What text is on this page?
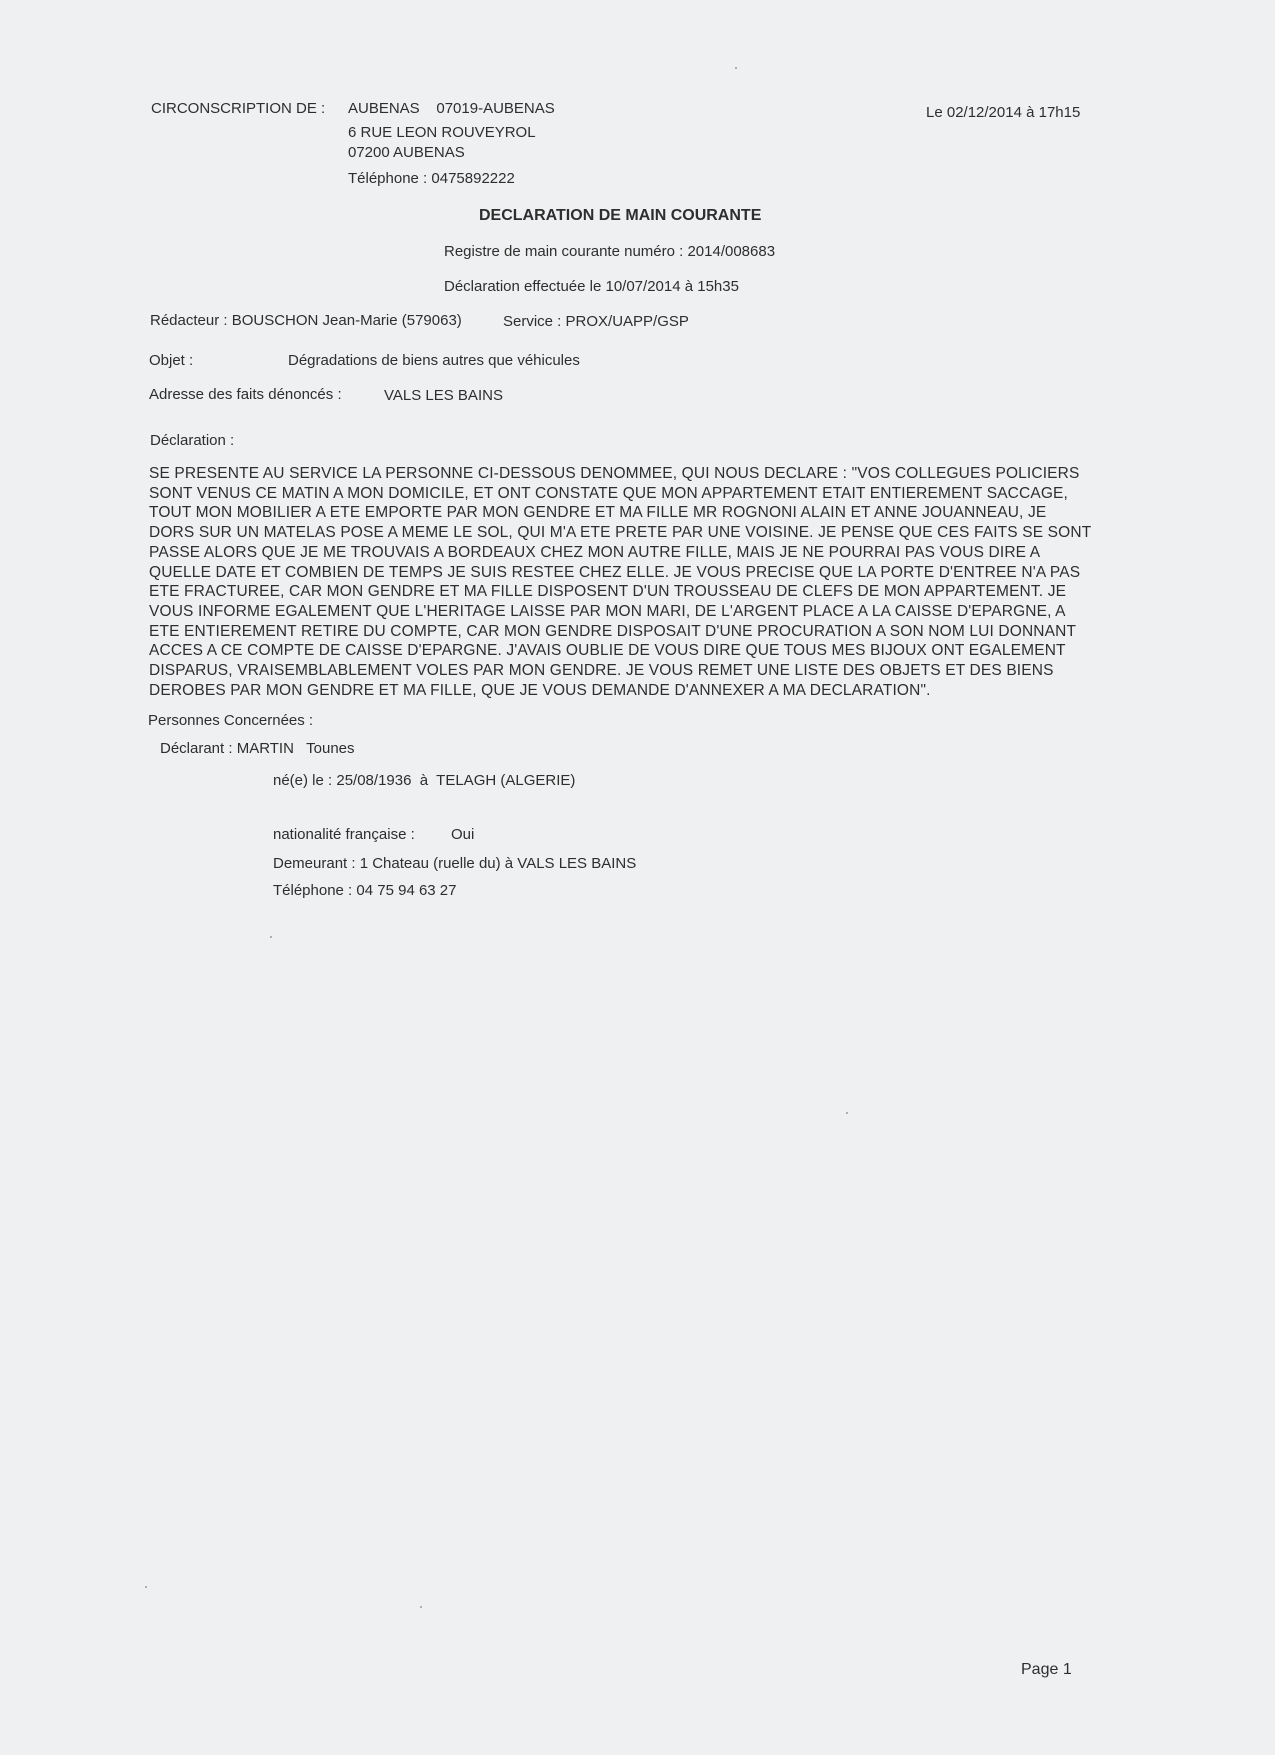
CIRCONSCRIPTION DE : AUBENAS    07019-AUBENAS
6 RUE LEON ROUVEYROL
07200 AUBENAS
Téléphone : 0475892222
Le 02/12/2014 à 17h15
DECLARATION DE MAIN COURANTE
Registre de main courante numéro : 2014/008683
Déclaration effectuée le 10/07/2014 à 15h35
Rédacteur : BOUSCHON Jean-Marie (579063)	Service : PROX/UAPP/GSP
Objet :	Dégradations de biens autres que véhicules
Adresse des faits dénoncés :	VALS LES BAINS
Déclaration :
SE PRESENTE AU SERVICE LA PERSONNE CI-DESSOUS DENOMMEE, QUI NOUS DECLARE : "VOS COLLEGUES POLICIERS
SONT VENUS CE MATIN A MON DOMICILE, ET ONT CONSTATE QUE MON APPARTEMENT ETAIT ENTIEREMENT SACCAGE,
TOUT MON MOBILIER A ETE EMPORTE PAR MON GENDRE ET MA FILLE MR ROGNONI ALAIN ET ANNE JOUANNEAU, JE
DORS SUR UN MATELAS POSE A MEME LE SOL, QUI M'A ETE PRETE PAR UNE VOISINE. JE PENSE QUE CES FAITS SE SONT
PASSE ALORS QUE JE ME TROUVAIS A BORDEAUX CHEZ MON AUTRE FILLE, MAIS JE NE POURRAI PAS VOUS DIRE A
QUELLE DATE ET COMBIEN DE TEMPS JE SUIS RESTEE CHEZ ELLE. JE VOUS PRECISE QUE LA PORTE D'ENTREE N'A PAS
ETE FRACTUREE, CAR MON GENDRE ET MA FILLE DISPOSENT D'UN TROUSSEAU DE CLEFS DE MON APPARTEMENT. JE
VOUS INFORME EGALEMENT QUE L'HERITAGE LAISSE PAR MON MARI, DE L'ARGENT PLACE A LA CAISSE D'EPARGNE, A
ETE ENTIEREMENT RETIRE DU COMPTE, CAR MON GENDRE DISPOSAIT D'UNE PROCURATION A SON NOM LUI DONNANT
ACCES A CE COMPTE DE CAISSE D'EPARGNE. J'AVAIS OUBLIE DE VOUS DIRE QUE TOUS MES BIJOUX ONT EGALEMENT
DISPARUS, VRAISEMBLABLEMENT VOLES PAR MON GENDRE. JE VOUS REMET UNE LISTE DES OBJETS ET DES BIENS
DEROBES PAR MON GENDRE ET MA FILLE, QUE JE VOUS DEMANDE D'ANNEXER A MA DECLARATION".
Personnes Concernées :
Déclarant : MARTIN   Tounes
né(e) le : 25/08/1936  à  TELAGH (ALGERIE)
nationalité française : Oui
Demeurant : 1 Chateau (ruelle du) à VALS LES BAINS
Téléphone : 04 75 94 63 27
Page 1
